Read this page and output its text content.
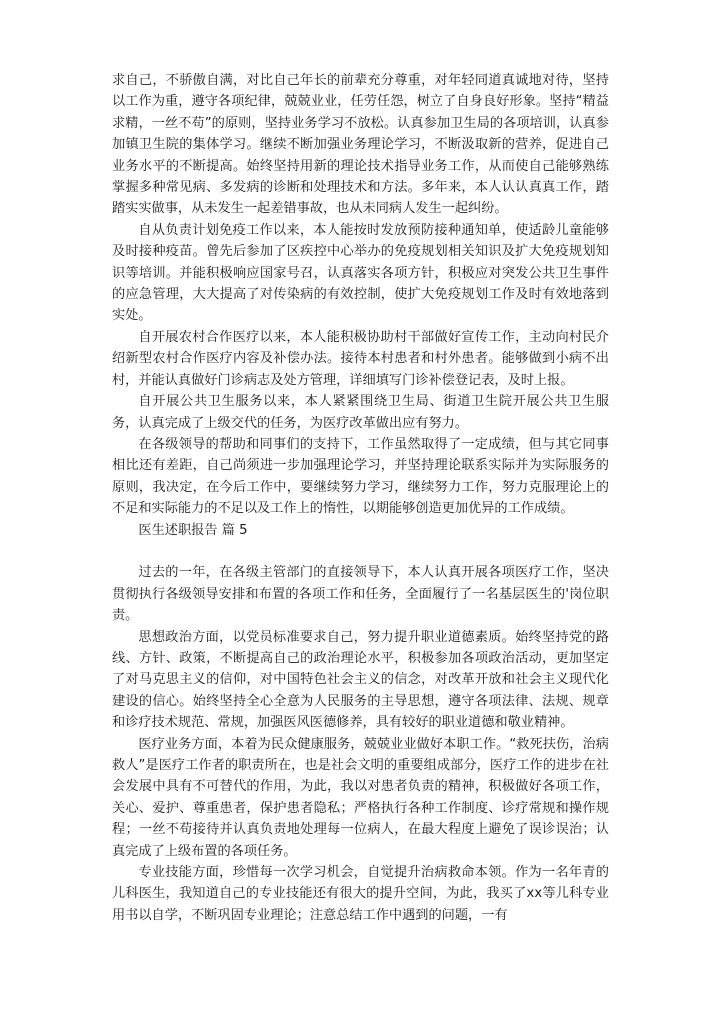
求自己，不骄傲自满，对比自己年长的前辈充分尊重，对年轻同道真诚地对待，坚持以工作为重，遵守各项纪律，兢兢业业，任劳任怨，树立了自身良好形象。坚持“精益求精，一丝不苟”的原则，坚持业务学习不放松。认真参加卫生局的各项培训，认真参加镇卫生院的集体学习。继续不断加强业务理论学习，不断汲取新的营养，促进自己业务水平的不断提高。始终坚持用新的理论技术指导业务工作，从而使自己能够熟练掌握多种常见病、多发病的诊断和处理技术和方法。多年来，本人认认真真工作，踏踏实实做事，从未发生一起差错事故，也从未同病人发生一起纠纷。

自从负责计划免疫工作以来，本人能按时发放预防接种通知单，使适龄儿童能够及时接种疫苗。曾先后参加了区疾控中心举办的免疫规划相关知识及扩大免疫规划知识等培训。并能积极响应国家号召，认真落实各项方针，积极应对突发公共卫生事件的应急管理，大大提高了对传染病的有效控制，使扩大免疫规划工作及时有效地落到实处。

自开展农村合作医疗以来，本人能积极协助村干部做好宣传工作，主动向村民介绍新型农村合作医疗内容及补偿办法。接待本村患者和村外患者。能够做到小病不出村，并能认真做好门诊病志及处方管理，详细填写门诊补偿登记表，及时上报。

自开展公共卫生服务以来，本人紧紧围绕卫生局、街道卫生院开展公共卫生服务，认真完成了上级交代的任务，为医疗改革做出应有努力。

在各级领导的帮助和同事们的支持下，工作虽然取得了一定成绩，但与其它同事相比还有差距，自己尚须进一步加强理论学习，并坚持理论联系实际并为实际服务的原则，我决定，在今后工作中，要继续努力学习，继续努力工作，努力克服理论上的不足和实际能力的不足以及工作上的惰性，以期能够创造更加优异的工作成绩。

医生述职报告 篇 5

过去的一年，在各级主管部门的直接领导下，本人认真开展各项医疗工作，坚决贯彻执行各级领导安排和布置的各项工作和任务，全面履行了一名基层医生的'岗位职责。

思想政治方面，以党员标准要求自己，努力提升职业道德素质。始终坚持党的路线、方针、政策，不断提高自己的政治理论水平，积极参加各项政治活动，更加坚定了对马克思主义的信仰，对中国特色社会主义的信念，对改革开放和社会主义现代化建设的信心。始终坚持全心全意为人民服务的主导思想，遵守各项法律、法规、规章和诊疗技术规范、常规，加强医风医德修养，具有较好的职业道德和敬业精神。

医疗业务方面，本着为民众健康服务，兢兢业业做好本职工作。“救死扶伤，治病救人”是医疗工作者的职责所在，也是社会文明的重要组成部分，医疗工作的进步在社会发展中具有不可替代的作用，为此，我以对患者负责的精神，积极做好各项工作，关心、爱护、尊重患者，保护患者隐私；严格执行各种工作制度、诊疗常规和操作规程；一丝不苟接待并认真负责地处理每一位病人，在最大程度上避免了误诊误治；认真完成了上级布置的各项任务。

专业技能方面，珍惜每一次学习机会，自觉提升治病救命本领。作为一名年青的儿科医生，我知道自己的专业技能还有很大的提升空间，为此，我买了xx等儿科专业用书以自学，不断巩固专业理论；注意总结工作中遇到的问题，一有
